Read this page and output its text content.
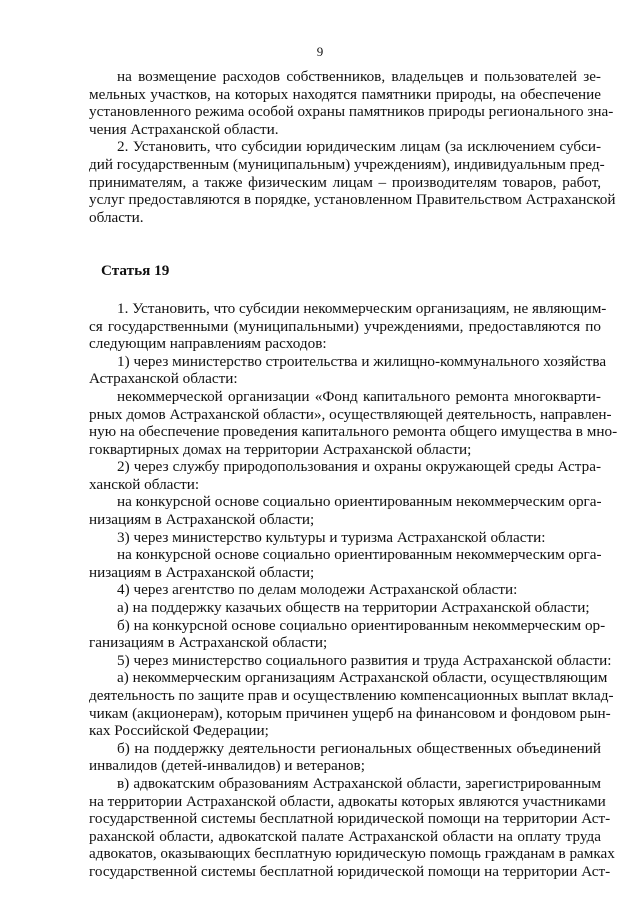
9
на возмещение расходов собственников, владельцев и пользователей зе-
мельных участков, на которых находятся памятники природы, на обеспечение
установленного режима особой охраны памятников природы регионального зна-
чения Астраханской области.
2. Установить, что субсидии юридическим лицам (за исключением субси-
дий государственным (муниципальным) учреждениям), индивидуальным пред-
принимателям, а также физическим лицам – производителям товаров, работ,
услуг предоставляются в порядке, установленном Правительством Астраханской
области.
Статья 19
1. Установить, что субсидии некоммерческим организациям, не являющим-
ся государственными (муниципальными) учреждениями, предоставляются по
следующим направлениям расходов:
1) через министерство строительства и жилищно-коммунального хозяйства
Астраханской области:
некоммерческой организации «Фонд капитального ремонта многокварти-
рных домов Астраханской области», осуществляющей деятельность, направлен-
ную на обеспечение проведения капитального ремонта общего имущества в мно-
гоквартирных домах на территории Астраханской области;
2) через службу природопользования и охраны окружающей среды Астра-
ханской области:
на конкурсной основе социально ориентированным некоммерческим орга-
низациям в Астраханской области;
3) через министерство культуры и туризма Астраханской области:
на конкурсной основе социально ориентированным некоммерческим орга-
низациям в Астраханской области;
4) через агентство по делам молодежи Астраханской области:
а) на поддержку казачьих обществ на территории Астраханской области;
б) на конкурсной основе социально ориентированным некоммерческим ор-
ганизациям в Астраханской области;
5) через министерство социального развития и труда Астраханской области:
а) некоммерческим организациям Астраханской области, осуществляющим
деятельность по защите прав и осуществлению компенсационных выплат вклад-
чикам (акционерам), которым причинен ущерб на финансовом и фондовом рын-
ках Российской Федерации;
б) на поддержку деятельности региональных общественных объединений
инвалидов (детей-инвалидов) и ветеранов;
в) адвокатским образованиям Астраханской области, зарегистрированным
на территории Астраханской области, адвокаты которых являются участниками
государственной системы бесплатной юридической помощи на территории Аст-
раханской области, адвокатской палате Астраханской области на оплату труда
адвокатов, оказывающих бесплатную юридическую помощь гражданам в рамках
государственной системы бесплатной юридической помощи на территории Аст-
